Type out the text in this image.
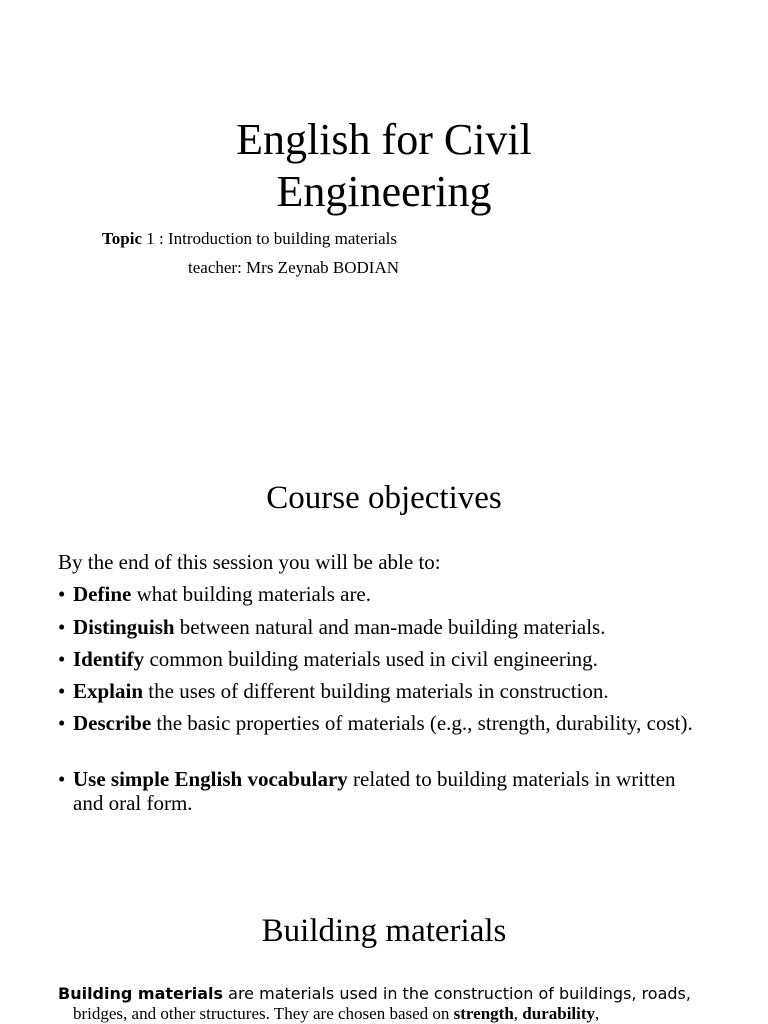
English for Civil
Engineering
Topic 1 : Introduction to building materials
teacher: Mrs Zeynab BODIAN
Course objectives
By the end of this session you will be able to:
• Define what building materials are.
• Distinguish between natural and man-made building materials.
• Identify common building materials used in civil engineering.
• Explain the uses of different building materials in construction.
• Describe the basic properties of materials (e.g., strength, durability, cost).
• Use simple English vocabulary related to building materials in written and oral form.
Building materials
Building materials are materials used in the construction of buildings, roads,
bridges, and other structures. They are chosen based on strength, durability,
